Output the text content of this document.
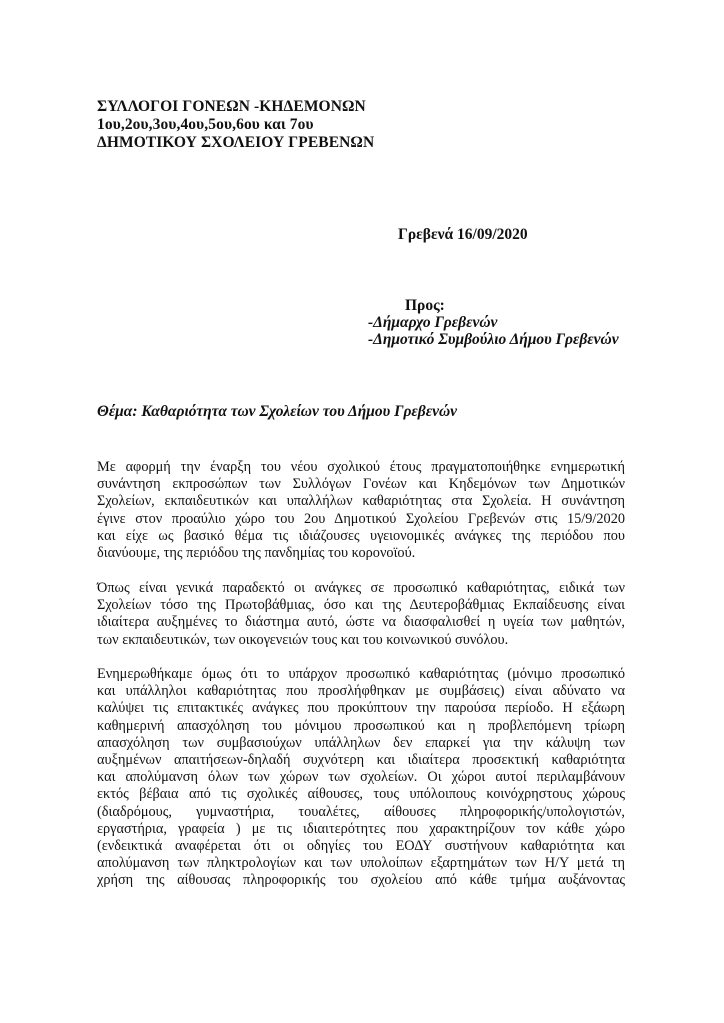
ΣΥΛΛΟΓΟΙ ΓΟΝΕΩΝ -ΚΗΔΕΜΟΝΩΝ
1ου,2ου,3ου,4ου,5ου,6ου και 7ου
ΔΗΜΟΤΙΚΟΥ ΣΧΟΛΕΙΟΥ ΓΡΕΒΕΝΩΝ
Γρεβενά 16/09/2020
Προς:
-Δήμαρχο Γρεβενών
-Δημοτικό Συμβούλιο Δήμου Γρεβενών
Θέμα: Καθαριότητα των Σχολείων του Δήμου Γρεβενών
Με αφορμή την έναρξη του νέου σχολικού έτους πραγματοποιήθηκε ενημερωτική
συνάντηση εκπροσώπων των Συλλόγων Γονέων και Κηδεμόνων των Δημοτικών
Σχολείων, εκπαιδευτικών και υπαλλήλων καθαριότητας στα Σχολεία. Η συνάντηση
έγινε στον προαύλιο χώρο του 2ου Δημοτικού Σχολείου Γρεβενών στις 15/9/2020
και είχε ως βασικό θέμα τις ιδιάζουσες υγειονομικές ανάγκες της περιόδου που
διανύουμε, της περιόδου της πανδημίας του κορονοϊού.
Όπως είναι γενικά παραδεκτό οι ανάγκες σε προσωπικό καθαριότητας, ειδικά των
Σχολείων τόσο της Πρωτοβάθμιας, όσο και της Δευτεροβάθμιας Εκπαίδευσης είναι
ιδιαίτερα αυξημένες το διάστημα αυτό, ώστε να διασφαλισθεί η υγεία των μαθητών,
των εκπαιδευτικών, των οικογενειών τους και του κοινωνικού συνόλου.
Ενημερωθήκαμε όμως ότι το υπάρχον προσωπικό καθαριότητας (μόνιμο προσωπικό
και υπάλληλοι καθαριότητας που προσλήφθηκαν με συμβάσεις) είναι αδύνατο να
καλύψει τις επιτακτικές ανάγκες που προκύπτουν την παρούσα περίοδο. Η εξάωρη
καθημερινή απασχόληση του μόνιμου προσωπικού και η προβλεπόμενη τρίωρη
απασχόληση των συμβασιούχων υπάλληλων δεν επαρκεί για την κάλυψη των
αυξημένων απαιτήσεων-δηλαδή συχνότερη και ιδιαίτερα προσεκτική καθαριότητα
και απολύμανση όλων των χώρων των σχολείων. Οι χώροι αυτοί περιλαμβάνουν
εκτός βέβαια από τις σχολικές αίθουσες, τους υπόλοιπους κοινόχρηστους χώρους
(διαδρόμους, γυμναστήρια, τουαλέτες, αίθουσες πληροφορικής/υπολογιστών,
εργαστήρια, γραφεία ) με τις ιδιαιτερότητες που χαρακτηρίζουν τον κάθε χώρο
(ενδεικτικά αναφέρεται ότι οι οδηγίες του ΕΟΔΥ συστήνουν καθαριότητα και
απολύμανση των πληκτρολογίων και των υπολοίπων εξαρτημάτων των Η/Υ μετά τη
χρήση της αίθουσας πληροφορικής του σχολείου από κάθε τμήμα αυξάνοντας
